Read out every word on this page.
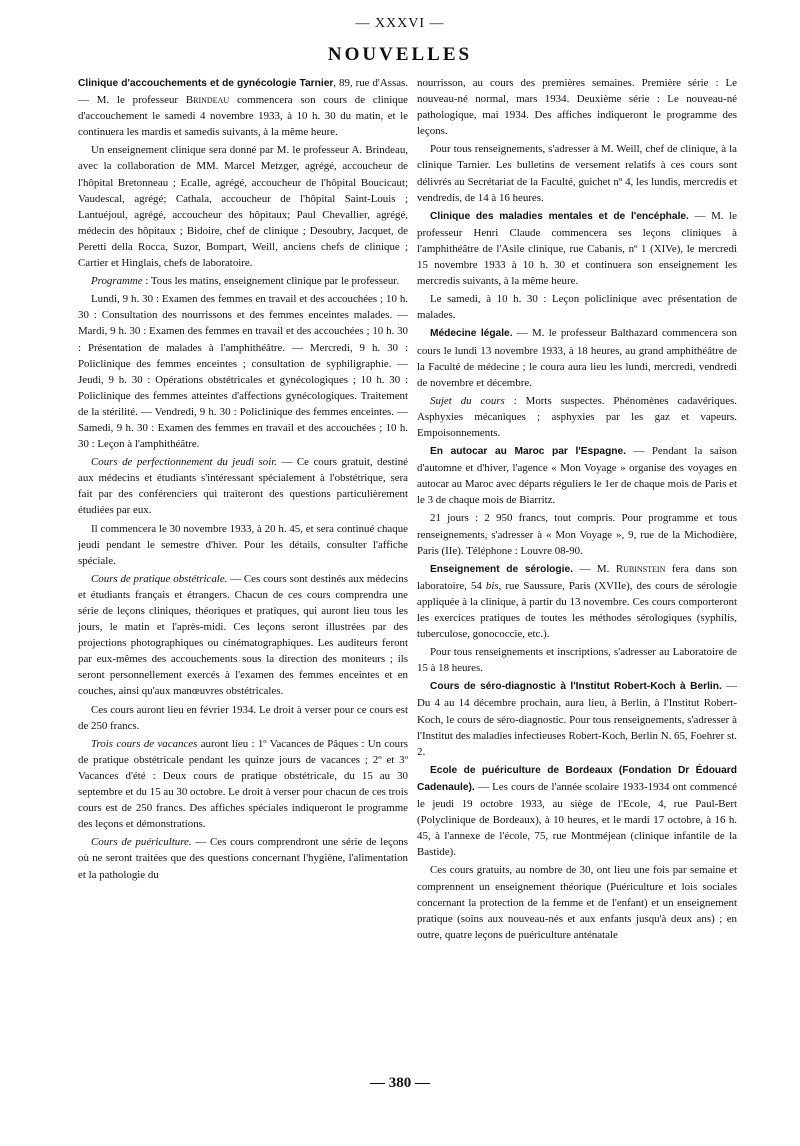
— XXXVI —
NOUVELLES

Clinique d'accouchements et de gynécologie Tarnier, 89, rue d'Assas. — M. le professeur Brindeau commencera son cours de clinique d'accouchement le samedi 4 novembre 1933, à 10 h. 30 du matin, et le continuera les mardis et samedis suivants, à la même heure.

Un enseignement clinique sera donné par M. le professeur A. Brindeau, avec la collaboration de MM. Marcel Metzger, agrégé, accoucheur de l'hôpital Bretonneau ; Ecalle, agrégé, accoucheur de l'hôpital Boucicaut; Vaudescal, agrégé; Cathala, accoucheur de l'hôpital Saint-Louis ; Lantuéjoul, agrégé, accoucheur des hôpitaux; Paul Chevallier, agrégé, médecin des hôpitaux ; Bidoire, chef de clinique ; Desoubry, Jacquet, de Peretti della Rocca, Suzor, Bompart, Weill, anciens chefs de clinique ; Cartier et Hinglais, chefs de laboratoire.

Programme : Tous les matins, enseignement clinique par le professeur.

Lundi, 9 h. 30 : Examen des femmes en travail et des accouchées ; 10 h. 30 : Consultation des nourrissons et des femmes enceintes malades. — Mardi, 9 h. 30 : Examen des femmes en travail et des accouchées ; 10 h. 30 : Présentation de malades à l'amphithéâtre. — Mercredi, 9 h. 30 : Policlinique des femmes enceintes ; consultation de syphiligraphie. — Jeudi, 9 h. 30 : Opérations obstétricales et gynécologiques ; 10 h. 30 : Policlinique des femmes atteintes d'affections gynécologiques. Traitement de la stérilité. — Vendredi, 9 h. 30 : Policlinique des femmes enceintes. — Samedi, 9 h. 30 : Examen des femmes en travail et des accouchées ; 10 h. 30 : Leçon à l'amphithéâtre.

Cours de perfectionnement du jeudi soir. — Ce cours gratuit, destiné aux médecins et étudiants s'intéressant spécialement à l'obstétrique, sera fait par des conférenciers qui traiteront des questions particulièrement étudiées par eux.

Il commencera le 30 novembre 1933, à 20 h. 45, et sera continué chaque jeudi pendant le semestre d'hiver. Pour les détails, consulter l'affiche spéciale.

Cours de pratique obstétricale. — Ces cours sont destinés aux médecins et étudiants français et étrangers. Chacun de ces cours comprendra une série de leçons cliniques, théoriques et pratiques, qui auront lieu tous les jours, le matin et l'après-midi. Ces leçons seront illustrées par des projections photographiques ou cinématographiques. Les auditeurs feront par eux-mêmes des accouchements sous la direction des moniteurs ; ils seront personnellement exercés à l'examen des femmes enceintes et en couches, ainsi qu'aux manœuvres obstétricales.

Ces cours auront lieu en février 1934. Le droit à verser pour ce cours est de 250 francs.

Trois cours de vacances auront lieu : 1º Vacances de Pâques : Un cours de pratique obstétricale pendant les quinze jours de vacances ; 2º et 3º Vacances d'été : Deux cours de pratique obstétricale, du 15 au 30 septembre et du 15 au 30 octobre. Le droit à verser pour chacun de ces trois cours est de 250 francs. Des affiches spéciales indiqueront le programme des leçons et démonstrations.

Cours de puériculture. — Ces cours comprendront une série de leçons où ne seront traitées que des questions concernant l'hygiène, l'alimentation et la pathologie du

nourrisson, au cours des premières semaines. Première série : Le nouveau-né normal, mars 1934. Deuxième série : Le nouveau-né pathologique, mai 1934. Des affiches indiqueront le programme des leçons.

Pour tous renseignements, s'adresser à M. Weill, chef de clinique, à la clinique Tarnier. Les bulletins de versement relatifs à ces cours sont délivrés au Secrétariat de la Faculté, guichet nº 4, les lundis, mercredis et vendredis, de 14 à 16 heures.

Clinique des maladies mentales et de l'encéphale. — M. le professeur Henri Claude commencera ses leçons cliniques à l'amphithéâtre de l'Asile clinique, rue Cabanis, nº 1 (XIVe), le mercredi 15 novembre 1933 à 10 h. 30 et continuera son enseignement les mercredis suivants, à la même heure.

Le samedi, à 10 h. 30 : Leçon policlinique avec présentation de malades.

Médecine légale. — M. le professeur Balthazard commencera son cours le lundi 13 novembre 1933, à 18 heures, au grand amphithéâtre de la Faculté de médecine ; le coura aura lieu les lundi, mercredi, vendredi de novembre et décembre.

Sujet du cours : Morts suspectes. Phénomènes cadavériques. Asphyxies mécaniques ; asphyxies par les gaz et vapeurs. Empoisonnements.

En autocar au Maroc par l'Espagne. — Pendant la saison d'automne et d'hiver, l'agence « Mon Voyage » organise des voyages en autocar au Maroc avec départs réguliers le 1er de chaque mois de Paris et le 3 de chaque mois de Biarritz.

21 jours : 2 950 francs, tout compris. Pour programme et tous renseignements, s'adresser à « Mon Voyage », 9, rue de la Michodière, Paris (IIe). Téléphone : Louvre 08-90.

Enseignement de sérologie. — M. Rubinstein fera dans son laboratoire, 54 bis, rue Saussure, Paris (XVIIe), des cours de sérologie appliquée à la clinique, à partir du 13 novembre. Ces cours comporteront les exercices pratiques de toutes les méthodes sérologiques (syphilis, tuberculose, gonococcie, etc.).

Pour tous renseignements et inscriptions, s'adresser au Laboratoire de 15 à 18 heures.

Cours de séro-diagnostic à l'Institut Robert-Koch à Berlin. — Du 4 au 14 décembre prochain, aura lieu, à Berlin, à l'Institut Robert-Koch, le cours de séro-diagnostic. Pour tous renseignements, s'adresser à l'Institut des maladies infectieuses Robert-Koch, Berlin N. 65, Foehrer st. 2.

Ecole de puériculture de Bordeaux (Fondation Dr Édouard Cadenaule). — Les cours de l'année scolaire 1933-1934 ont commencé le jeudi 19 octobre 1933, au siège de l'Ecole, 4, rue Paul-Bert (Polyclinique de Bordeaux), à 10 heures, et le mardi 17 octobre, à 16 h. 45, à l'annexe de l'école, 75, rue Montméjean (clinique infantile de la Bastide).

Ces cours gratuits, au nombre de 30, ont lieu une fois par semaine et comprennent un enseignement théorique (Puériculture et lois sociales concernant la protection de la femme et de l'enfant) et un enseignement pratique (soins aux nouveau-nés et aux enfants jusqu'à deux ans) ; en outre, quatre leçons de puériculture anténatale

— 380 —
